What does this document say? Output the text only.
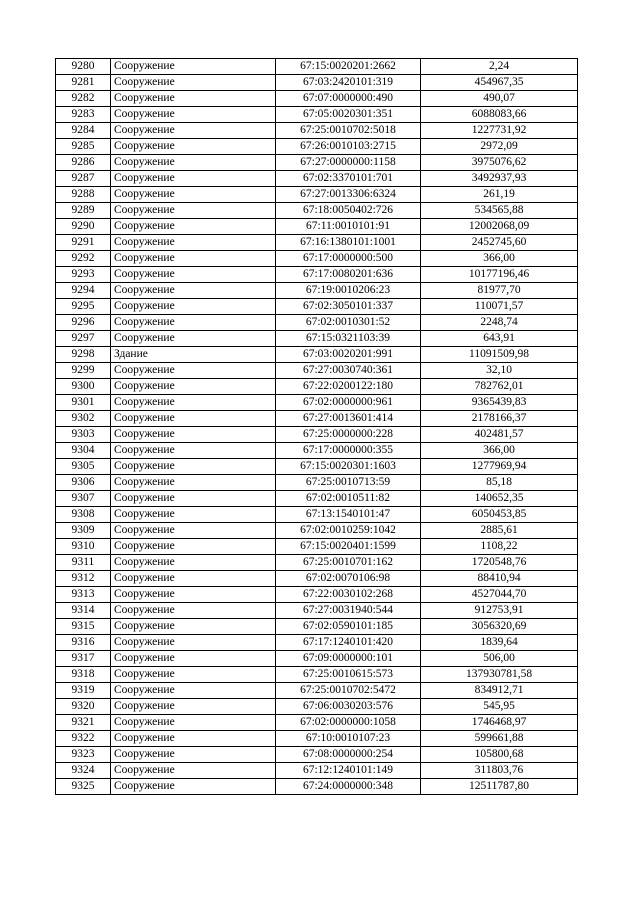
9280	Сооружение	67:15:0020201:2662	2,24
9281	Сооружение	67:03:2420101:319	454967,35
9282	Сооружение	67:07:0000000:490	490,07
9283	Сооружение	67:05:0020301:351	6088083,66
9284	Сооружение	67:25:0010702:5018	1227731,92
9285	Сооружение	67:26:0010103:2715	2972,09
9286	Сооружение	67:27:0000000:1158	3975076,62
9287	Сооружение	67:02:3370101:701	3492937,93
9288	Сооружение	67:27:0013306:6324	261,19
9289	Сооружение	67:18:0050402:726	534565,88
9290	Сооружение	67:11:0010101:91	12002068,09
9291	Сооружение	67:16:1380101:1001	2452745,60
9292	Сооружение	67:17:0000000:500	366,00
9293	Сооружение	67:17:0080201:636	10177196,46
9294	Сооружение	67:19:0010206:23	81977,70
9295	Сооружение	67:02:3050101:337	110071,57
9296	Сооружение	67:02:0010301:52	2248,74
9297	Сооружение	67:15:0321103:39	643,91
9298	Здание	67:03:0020201:991	11091509,98
9299	Сооружение	67:27:0030740:361	32,10
9300	Сооружение	67:22:0200122:180	782762,01
9301	Сооружение	67:02:0000000:961	9365439,83
9302	Сооружение	67:27:0013601:414	2178166,37
9303	Сооружение	67:25:0000000:228	402481,57
9304	Сооружение	67:17:0000000:355	366,00
9305	Сооружение	67:15:0020301:1603	1277969,94
9306	Сооружение	67:25:0010713:59	85,18
9307	Сооружение	67:02:0010511:82	140652,35
9308	Сооружение	67:13:1540101:47	6050453,85
9309	Сооружение	67:02:0010259:1042	2885,61
9310	Сооружение	67:15:0020401:1599	1108,22
9311	Сооружение	67:25:0010701:162	1720548,76
9312	Сооружение	67:02:0070106:98	88410,94
9313	Сооружение	67:22:0030102:268	4527044,70
9314	Сооружение	67:27:0031940:544	912753,91
9315	Сооружение	67:02:0590101:185	3056320,69
9316	Сооружение	67:17:1240101:420	1839,64
9317	Сооружение	67:09:0000000:101	506,00
9318	Сооружение	67:25:0010615:573	137930781,58
9319	Сооружение	67:25:0010702:5472	834912,71
9320	Сооружение	67:06:0030203:576	545,95
9321	Сооружение	67:02:0000000:1058	1746468,97
9322	Сооружение	67:10:0010107:23	599661,88
9323	Сооружение	67:08:0000000:254	105800,68
9324	Сооружение	67:12:1240101:149	311803,76
9325	Сооружение	67:24:0000000:348	12511787,80
